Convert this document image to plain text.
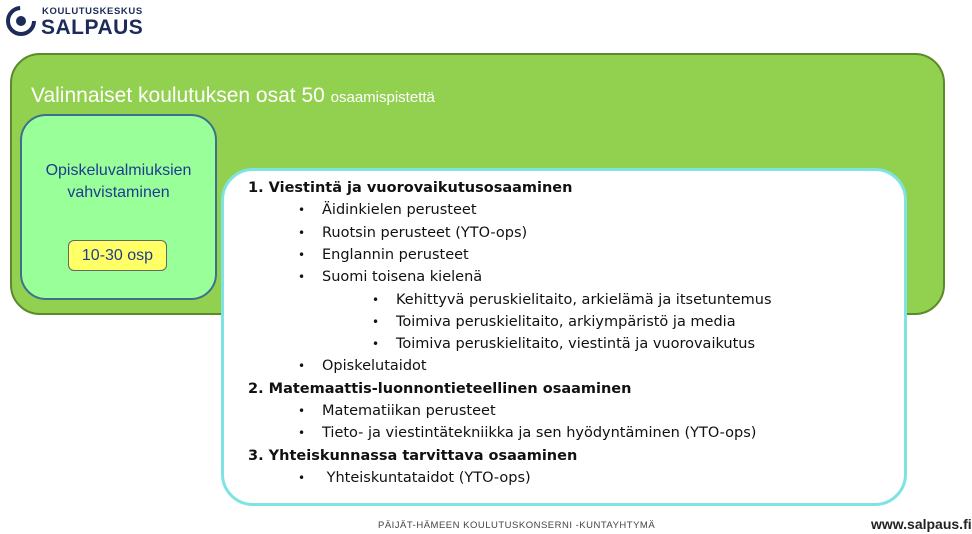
KOULUTUSKESKUS
SALPAUS
Valinnaiset koulutuksen osat 50 osaamispistettä
Opiskeluvalmiuksien
vahvistaminen
10-30 osp
1. Viestintä ja vuorovaikutusosaaminen
• Äidinkielen perusteet
• Ruotsin perusteet (YTO-ops)
• Englannin perusteet
• Suomi toisena kielenä
• Kehittyvä peruskielitaito, arkielämä ja itsetuntemus
• Toimiva peruskielitaito, arkiympäristö ja media
• Toimiva peruskielitaito, viestintä ja vuorovaikutus
• Opiskelutaidot
2. Matemaattis-luonnontieteellinen osaaminen
• Matematiikan perusteet
• Tieto- ja viestintätekniikka ja sen hyödyntäminen (YTO-ops)
3. Yhteiskunnassa tarvittava osaaminen
• Yhteiskuntataidot (YTO-ops)
PÄIJÄT-HÄMEEN KOULUTUSKONSERNI -KUNTAYHTYMÄ	www.salpaus.fi
